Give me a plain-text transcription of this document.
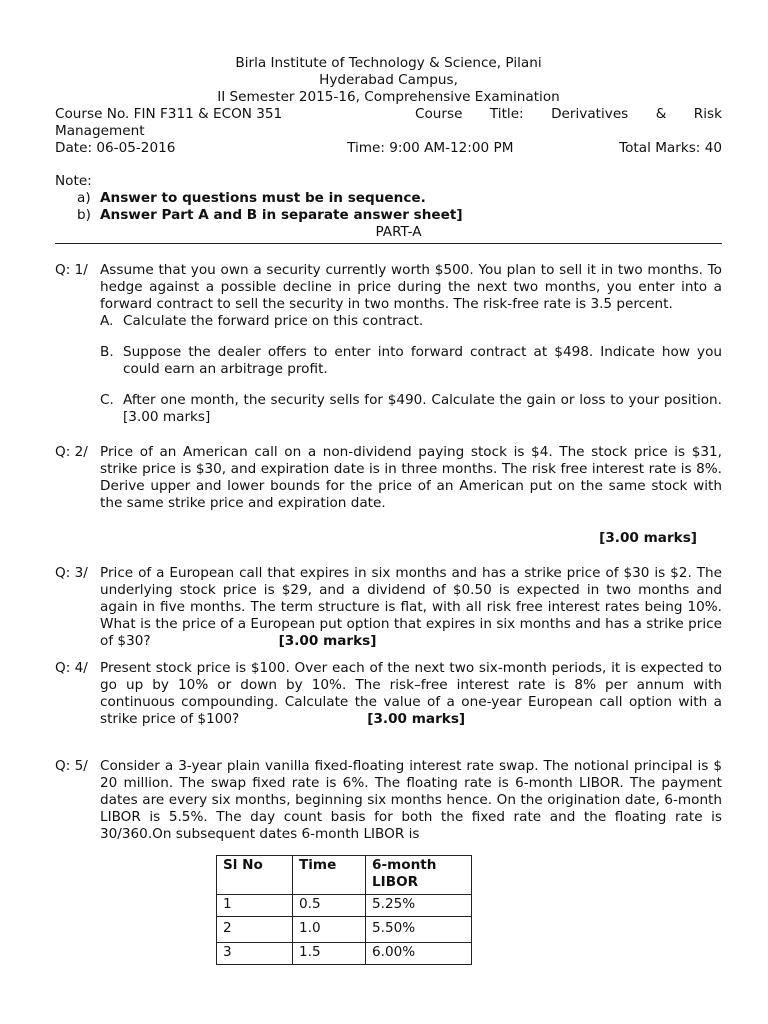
Birla Institute of Technology & Science, Pilani
Hyderabad Campus,
II Semester 2015-16, Comprehensive Examination
Course No. FIN F311 & ECON 351	Course Title: Derivatives & Risk
Management
Date: 06-05-2016	Time: 9:00 AM-12:00 PM	Total Marks: 40
Note:
a) Answer to questions must be in sequence.
b) Answer Part A and B in separate answer sheet]
PART-A
Q: 1/ Assume that you own a security currently worth $500. You plan to sell it in two months. To hedge against a possible decline in price during the next two months, you enter into a forward contract to sell the security in two months. The risk-free rate is 3.5 percent.
A. Calculate the forward price on this contract.
B. Suppose the dealer offers to enter into forward contract at $498. Indicate how you could earn an arbitrage profit.
C. After one month, the security sells for $490. Calculate the gain or loss to your position. [3.00 marks]
Q: 2/ Price of an American call on a non-dividend paying stock is $4. The stock price is $31, strike price is $30, and expiration date is in three months. The risk free interest rate is 8%. Derive upper and lower bounds for the price of an American put on the same stock with the same strike price and expiration date.
[3.00 marks]
Q: 3/ Price of a European call that expires in six months and has a strike price of $30 is $2. The underlying stock price is $29, and a dividend of $0.50 is expected in two months and again in five months. The term structure is flat, with all risk free interest rates being 10%. What is the price of a European put option that expires in six months and has a strike price of $30?	[3.00 marks]
Q: 4/ Present stock price is $100. Over each of the next two six-month periods, it is expected to go up by 10% or down by 10%. The risk–free interest rate is 8% per annum with continuous compounding. Calculate the value of a one-year European call option with a strike price of $100?	[3.00 marks]
Q: 5/ Consider a 3-year plain vanilla fixed-floating interest rate swap. The notional principal is $ 20 million. The swap fixed rate is 6%. The floating rate is 6-month LIBOR. The payment dates are every six months, beginning six months hence. On the origination date, 6-month LIBOR is 5.5%. The day count basis for both the fixed rate and the floating rate is 30/360.On subsequent dates 6-month LIBOR is
Sl No	Time	6-month LIBOR
1	0.5	5.25%
2	1.0	5.50%
3	1.5	6.00%
